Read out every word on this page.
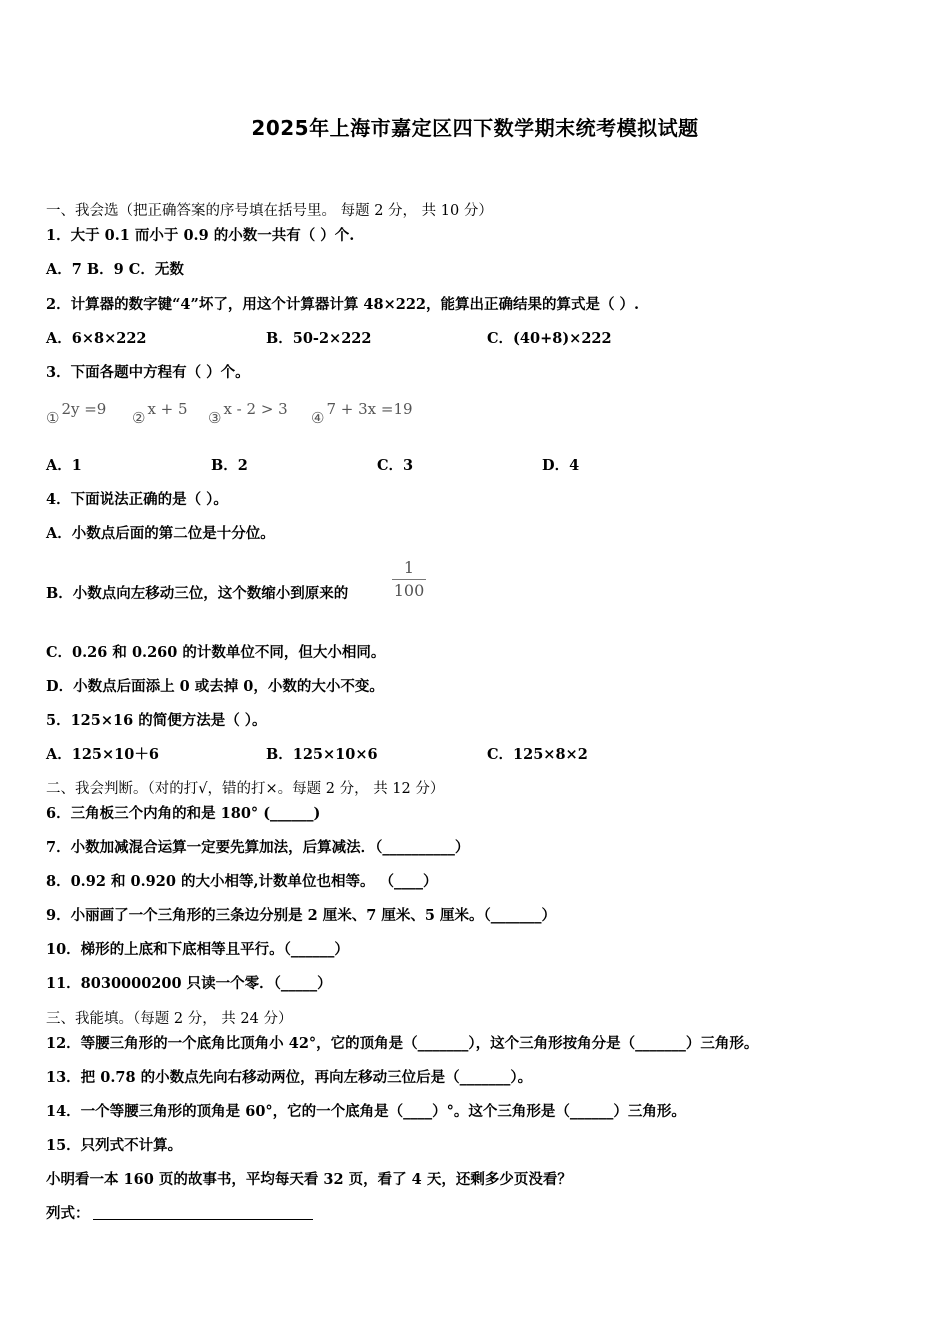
2025年上海市嘉定区四下数学期末统考模拟试题
一、我会选（把正确答案的序号填在括号里。 每题 2 分， 共 10 分）
1．大于 0.1 而小于 0.9 的小数一共有（ ）个.
A．7 B．9 C．无数
2．计算器的数字键“4”坏了，用这个计算器计算 48×222，能算出正确结果的算式是（ ）.
A．6×8×222	B．50-2×222	C．(40+8)×222
3．下面各题中方程有（ ）个。
① 2y =9 ② x + 5 ③ x - 2 > 3 ④ 7 + 3x =19
A．1	B．2	C．3	D．4
4．下面说法正确的是（ ）。
A．小数点后面的第二位是十分位。
B．小数点向左移动三位，这个数缩小到原来的
1
100
C．0.26 和 0.260 的计数单位不同，但大小相同。
D．小数点后面添上 0 或去掉 0，小数的大小不变。
5．125×16 的简便方法是（ ）。
A．125×10＋6	B．125×10×6	C．125×8×2
二、我会判断。（对的打√，错的打×。每题 2 分， 共 12 分）
6．三角板三个内角的和是 180° (______)
7．小数加减混合运算一定要先算加法，后算减法．（__________）
8．0.92 和 0.920 的大小相等,计数单位也相等。 （____）
9．小丽画了一个三角形的三条边分别是 2 厘米、7 厘米、5 厘米。（_______）
10．梯形的上底和下底相等且平行。（______）
11．8030000200 只读一个零．（_____）
三、我能填。（每题 2 分， 共 24 分）
12．等腰三角形的一个底角比顶角小 42°，它的顶角是（_______），这个三角形按角分是（_______）三角形。
13．把 0.78 的小数点先向右移动两位，再向左移动三位后是（_______）。
14．一个等腰三角形的顶角是 60°，它的一个底角是（____）°。这个三角形是（______）三角形。
15．只列式不计算。
小明看一本 160 页的故事书，平均每天看 32 页，看了 4 天，还剩多少页没看？
列式：
